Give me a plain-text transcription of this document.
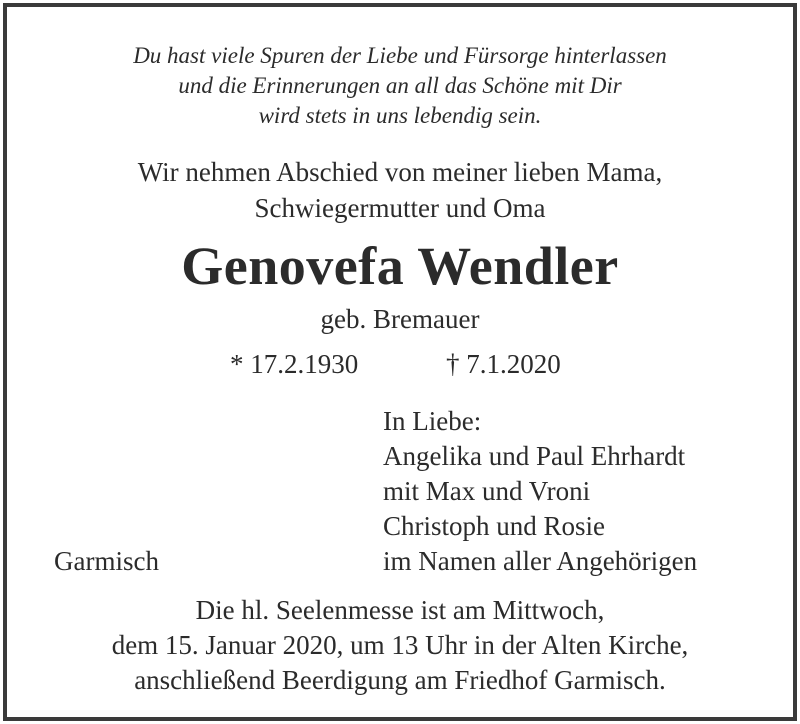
Du hast viele Spuren der Liebe und Fürsorge hinterlassen
und die Erinnerungen an all das Schöne mit Dir
wird stets in uns lebendig sein.
Wir nehmen Abschied von meiner lieben Mama,
Schwiegermutter und Oma
Genovefa Wendler
geb. Bremauer
* 17.2.1930	† 7.1.2020
In Liebe:
Angelika und Paul Ehrhardt
mit Max und Vroni
Christoph und Rosie
im Namen aller Angehörigen
Garmisch
Die hl. Seelenmesse ist am Mittwoch,
dem 15. Januar 2020, um 13 Uhr in der Alten Kirche,
anschließend Beerdigung am Friedhof Garmisch.
